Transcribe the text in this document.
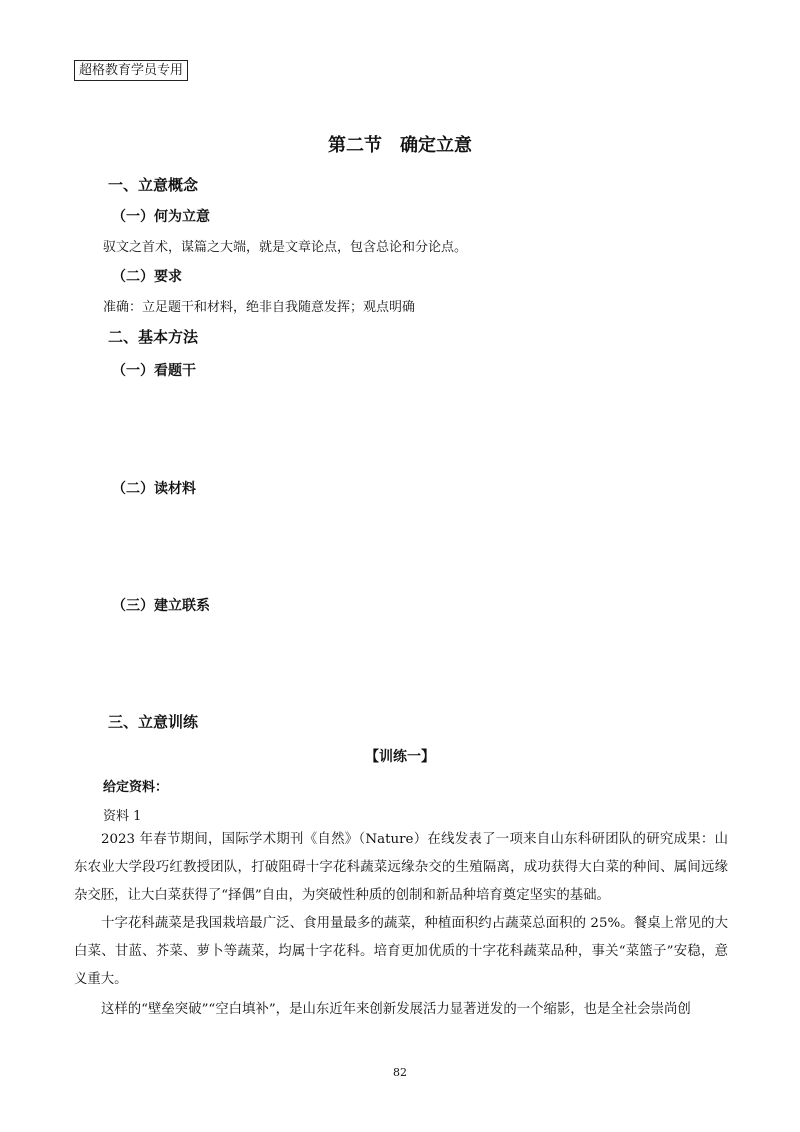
超格教育学员专用
第二节　确定立意
一、立意概念
（一）何为立意
驭文之首术，谋篇之大端，就是文章论点，包含总论和分论点。
（二）要求
准确：立足题干和材料，绝非自我随意发挥；观点明确
二、基本方法
（一）看题干
（二）读材料
（三）建立联系
三、立意训练
【训练一】
给定资料：
资料 1
2023 年春节期间，国际学术期刊《自然》（Nature）在线发表了一项来自山东科研团队的研究成果：山东农业大学段巧红教授团队，打破阻碍十字花科蔬菜远缘杂交的生殖隔离，成功获得大白菜的种间、属间远缘杂交胚，让大白菜获得了“择偶”自由，为突破性种质的创制和新品种培育奠定坚实的基础。
十字花科蔬菜是我国栽培最广泛、食用量最多的蔬菜，种植面积约占蔬菜总面积的 25%。餐桌上常见的大白菜、甘蓝、芥菜、萝卜等蔬菜，均属十字花科。培育更加优质的十字花科蔬菜品种，事关“菜篮子”安稳，意义重大。
这样的“壁垒突破”“空白填补”，是山东近年来创新发展活力显著迸发的一个缩影，也是全社会崇尚创
82
